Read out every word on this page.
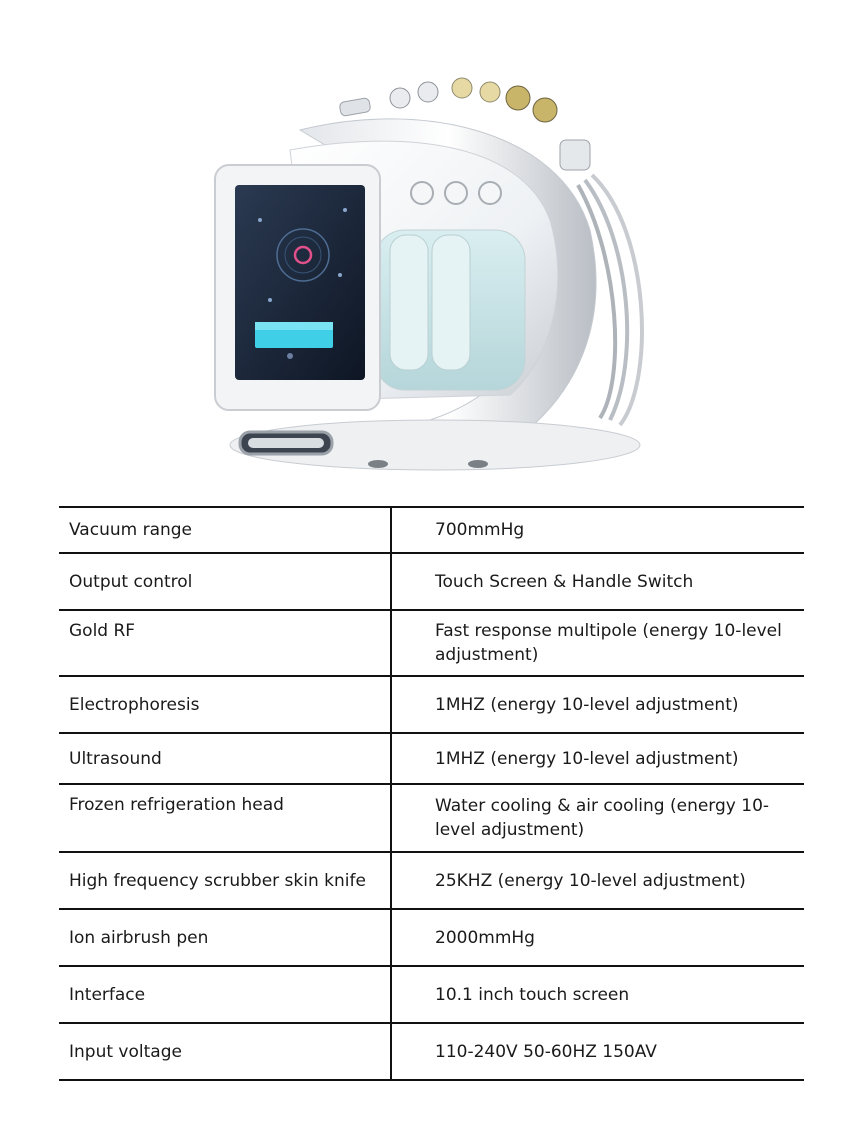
Vacuum range	700mmHg
Output control	Touch Screen & Handle Switch
Gold RF	Fast response multipole (energy 10-level adjustment)
Electrophoresis	1MHZ (energy 10-level adjustment)
Ultrasound	1MHZ (energy 10-level adjustment)
Frozen refrigeration head	Water cooling & air cooling (energy 10-level adjustment)
High frequency scrubber skin knife	25KHZ (energy 10-level adjustment)
Ion airbrush pen	2000mmHg
Interface	10.1 inch touch screen
Input voltage	110-240V 50-60HZ 150AV
